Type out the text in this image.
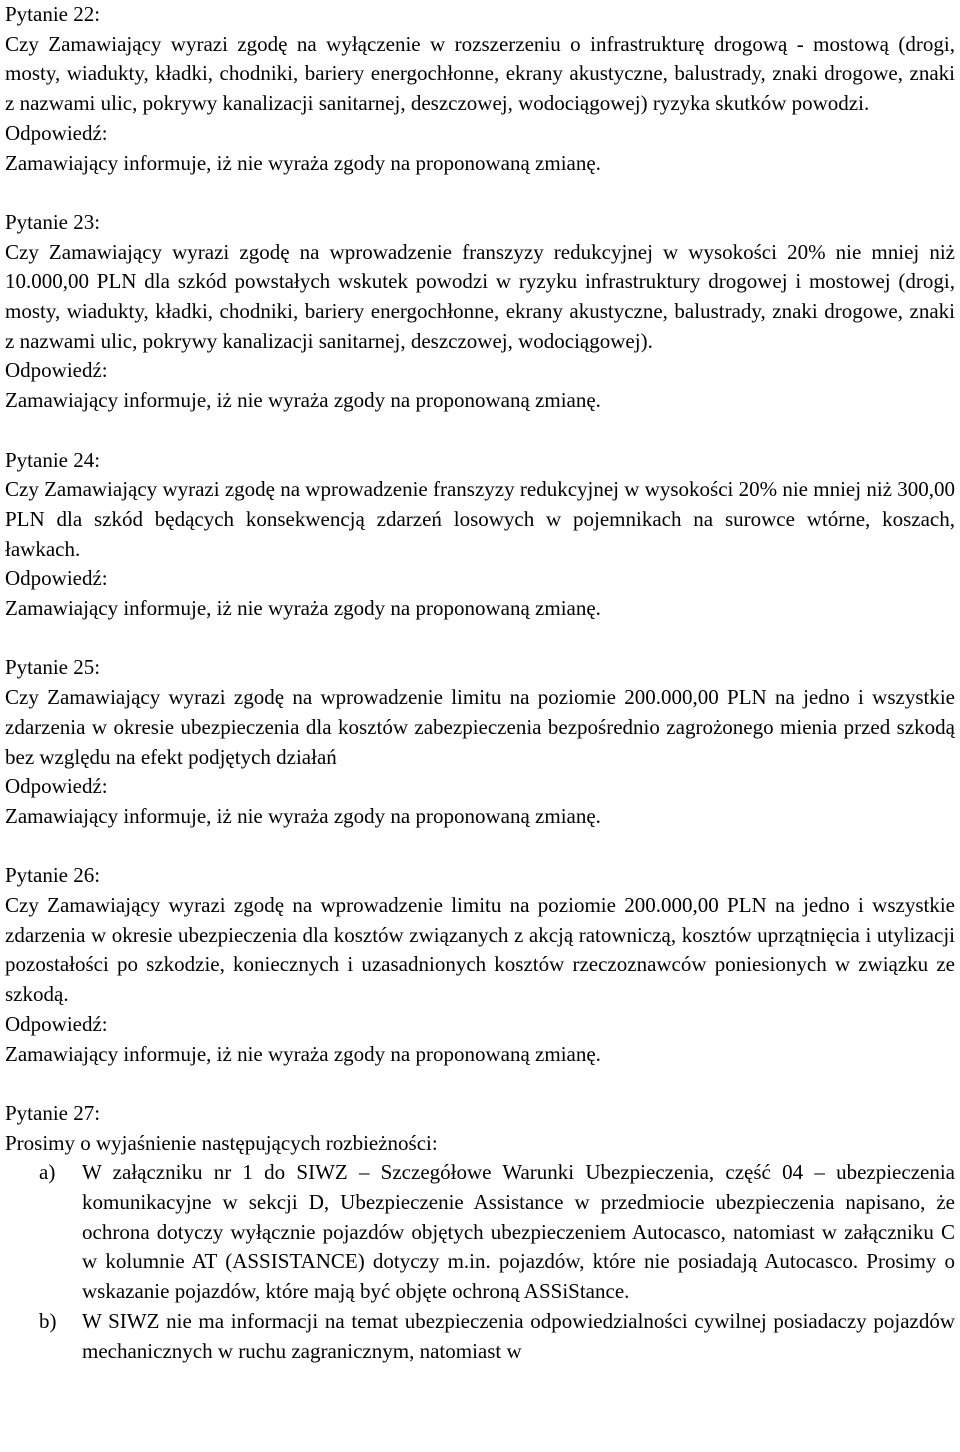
Pytanie 22:

Czy Zamawiający wyrazi zgodę na wyłączenie w rozszerzeniu o infrastrukturę drogową - mostową (drogi, mosty, wiadukty, kładki, chodniki, bariery energochłonne, ekrany akustyczne, balustrady, znaki drogowe, znaki z nazwami ulic, pokrywy kanalizacji sanitarnej, deszczowej, wodociągowej) ryzyka skutków powodzi.

Odpowiedź:

Zamawiający informuje, iż nie wyraża zgody na proponowaną zmianę.

Pytanie 23:

Czy Zamawiający wyrazi zgodę na wprowadzenie franszyzy redukcyjnej w wysokości 20% nie mniej niż 10.000,00 PLN dla szkód powstałych wskutek powodzi w ryzyku infrastruktury drogowej i mostowej (drogi, mosty, wiadukty, kładki, chodniki, bariery energochłonne, ekrany akustyczne, balustrady, znaki drogowe, znaki z nazwami ulic, pokrywy kanalizacji sanitarnej, deszczowej, wodociągowej).

Odpowiedź:

Zamawiający informuje, iż nie wyraża zgody na proponowaną zmianę.

Pytanie 24:

Czy Zamawiający wyrazi zgodę na wprowadzenie franszyzy redukcyjnej w wysokości 20% nie mniej niż 300,00 PLN dla szkód będących konsekwencją zdarzeń losowych w pojemnikach na surowce wtórne, koszach, ławkach.

Odpowiedź:

Zamawiający informuje, iż nie wyraża zgody na proponowaną zmianę.

Pytanie 25:

Czy Zamawiający wyrazi zgodę na wprowadzenie limitu na poziomie 200.000,00 PLN na jedno i wszystkie zdarzenia w okresie ubezpieczenia dla kosztów zabezpieczenia bezpośrednio zagrożonego mienia przed szkodą bez względu na efekt podjętych działań

Odpowiedź:

Zamawiający informuje, iż nie wyraża zgody na proponowaną zmianę.

Pytanie 26:

Czy Zamawiający wyrazi zgodę na wprowadzenie limitu na poziomie 200.000,00 PLN na jedno i wszystkie zdarzenia w okresie ubezpieczenia dla kosztów związanych z akcją ratowniczą, kosztów uprzątnięcia i utylizacji pozostałości po szkodzie, koniecznych i uzasadnionych kosztów rzeczoznawców poniesionych w związku ze szkodą.

Odpowiedź:

Zamawiający informuje, iż nie wyraża zgody na proponowaną zmianę.

Pytanie 27:

Prosimy o wyjaśnienie następujących rozbieżności:

a)	W załączniku nr 1 do SIWZ – Szczegółowe Warunki Ubezpieczenia, część 04 – ubezpieczenia komunikacyjne w sekcji D, Ubezpieczenie Assistance w przedmiocie ubezpieczenia napisano, że ochrona dotyczy wyłącznie pojazdów objętych ubezpieczeniem Autocasco, natomiast w załączniku C w kolumnie AT (ASSISTANCE) dotyczy m.in. pojazdów, które nie posiadają Autocasco. Prosimy o wskazanie pojazdów, które mają być objęte ochroną ASSiStance.
b)	W SIWZ nie ma informacji na temat ubezpieczenia odpowiedzialności cywilnej posiadaczy pojazdów mechanicznych w ruchu zagranicznym, natomiast w
